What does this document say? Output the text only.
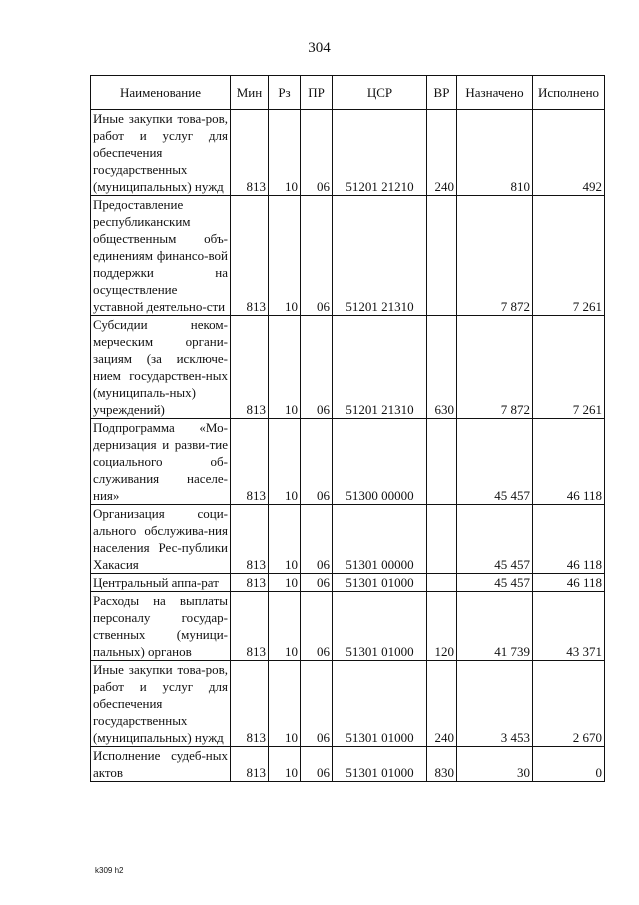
304
Наименование	Мин	Рз	ПР	ЦСР	ВР	Назначено	Исполнено
Иные закупки това-ров, работ и услуг для обеспечения государственных (муниципальных) нужд	813	10	06	51201 21210	240	810	492
Предоставление республиканским общественным объ-единениям финансо-вой поддержки на осуществление уставной деятельно-сти	813	10	06	51201 21310		7 872	7 261
Субсидии неком-мерческим органи-зациям (за исключе-нием государствен-ных (муниципаль-ных) учреждений)	813	10	06	51201 21310	630	7 872	7 261
Подпрограмма «Мо-дернизация и разви-тие социального об-служивания населе-ния»	813	10	06	51300 00000		45 457	46 118
Организация соци-ального обслужива-ния населения Рес-публики Хакасия	813	10	06	51301 00000		45 457	46 118
Центральный аппа-рат	813	10	06	51301 01000		45 457	46 118
Расходы на выплаты персоналу государ-ственных (муници-пальных) органов	813	10	06	51301 01000	120	41 739	43 371
Иные закупки това-ров, работ и услуг для обеспечения государственных (муниципальных) нужд	813	10	06	51301 01000	240	3 453	2 670
Исполнение судеб-ных актов	813	10	06	51301 01000	830	30	0
k309 h2
